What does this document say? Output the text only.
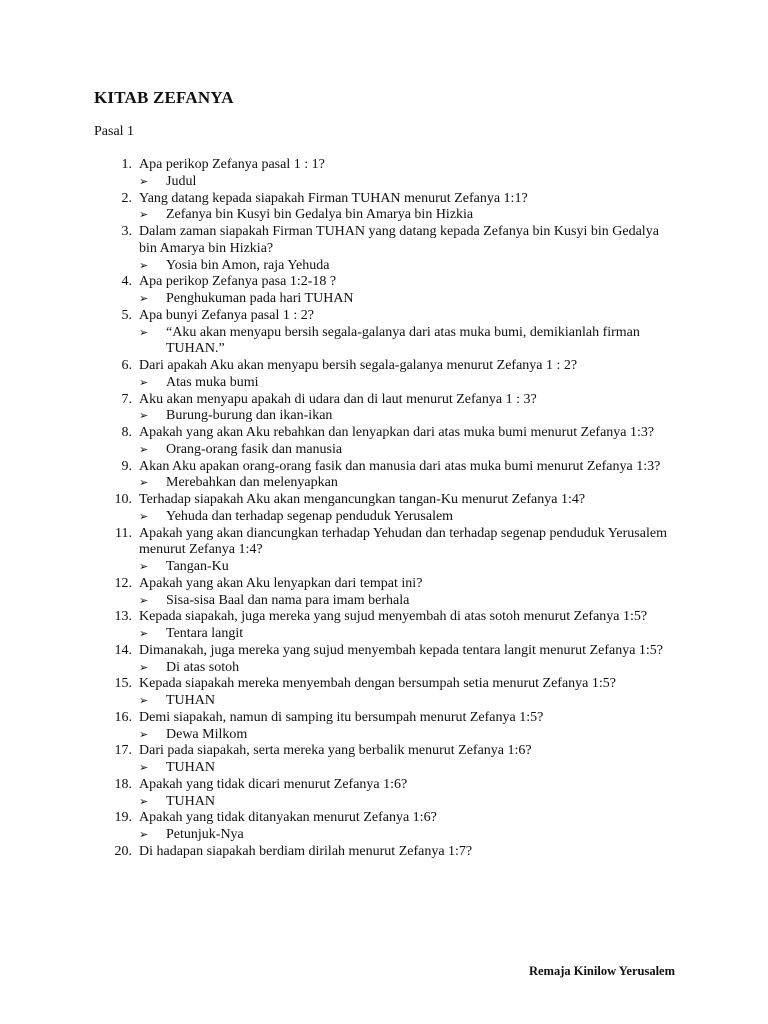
KITAB ZEFANYA
Pasal 1
1. Apa perikop Zefanya pasal 1 : 1?
➢ Judul
2. Yang datang kepada siapakah Firman TUHAN menurut Zefanya 1:1?
➢ Zefanya bin Kusyi bin Gedalya bin Amarya bin Hizkia
3. Dalam zaman siapakah Firman TUHAN yang datang kepada Zefanya bin Kusyi bin Gedalya bin Amarya bin Hizkia?
➢ Yosia bin Amon, raja Yehuda
4. Apa perikop Zefanya pasa 1:2-18 ?
➢ Penghukuman pada hari TUHAN
5. Apa bunyi Zefanya pasal 1 : 2?
➢ “Aku akan menyapu bersih segala-galanya dari atas muka bumi, demikianlah firman TUHAN.”
6. Dari apakah Aku akan menyapu bersih segala-galanya menurut Zefanya 1 : 2?
➢ Atas muka bumi
7. Aku akan menyapu apakah di udara dan di laut menurut Zefanya 1 : 3?
➢ Burung-burung dan ikan-ikan
8. Apakah yang akan Aku rebahkan dan lenyapkan dari atas muka bumi menurut Zefanya 1:3?
➢ Orang-orang fasik dan manusia
9. Akan Aku apakan orang-orang fasik dan manusia dari atas muka bumi menurut Zefanya 1:3?
➢ Merebahkan dan melenyapkan
10. Terhadap siapakah Aku akan mengancungkan tangan-Ku menurut Zefanya 1:4?
➢ Yehuda dan terhadap segenap penduduk Yerusalem
11. Apakah yang akan diancungkan terhadap Yehudan dan terhadap segenap penduduk Yerusalem menurut Zefanya 1:4?
➢ Tangan-Ku
12. Apakah yang akan Aku lenyapkan dari tempat ini?
➢ Sisa-sisa Baal dan nama para imam berhala
13. Kepada siapakah, juga mereka yang sujud menyembah di atas sotoh menurut Zefanya 1:5?
➢ Tentara langit
14. Dimanakah, juga mereka yang sujud menyembah kepada tentara langit menurut Zefanya 1:5?
➢ Di atas sotoh
15. Kepada siapakah mereka menyembah dengan bersumpah setia menurut Zefanya 1:5?
➢ TUHAN
16. Demi siapakah, namun di samping itu bersumpah menurut Zefanya 1:5?
➢ Dewa Milkom
17. Dari pada siapakah, serta mereka yang berbalik menurut Zefanya 1:6?
➢ TUHAN
18. Apakah yang tidak dicari menurut Zefanya 1:6?
➢ TUHAN
19. Apakah yang tidak ditanyakan menurut Zefanya 1:6?
➢ Petunjuk-Nya
20. Di hadapan siapakah berdiam dirilah menurut Zefanya 1:7?
Remaja Kinilow Yerusalem
